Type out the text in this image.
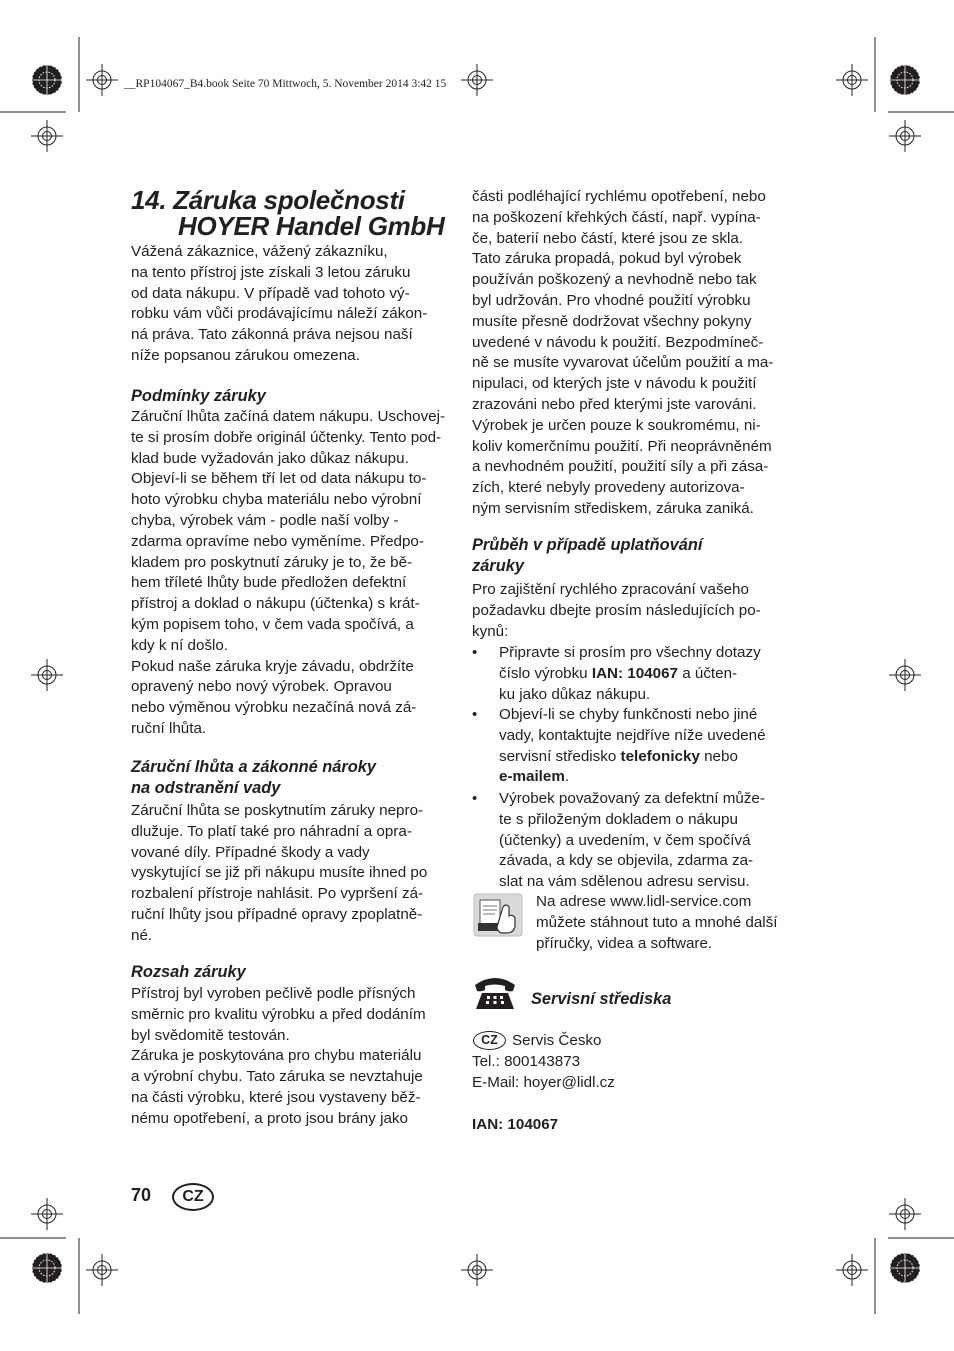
__RP104067_B4.book Seite 70 Mittwoch, 5. November 2014 3:42 15
14. Záruka společnosti
HOYER Handel GmbH
Vážená zákaznice, vážený zákazníku,
na tento přístroj jste získali 3 letou záruku
od data nákupu. V případě vad tohoto vý-
robku vám vůči prodávajícímu náleží zákon-
ná práva. Tato zákonná práva nejsou naší
níže popsanou zárukou omezena.
Podmínky záruky
Záruční lhůta začíná datem nákupu. Uschovej-
te si prosím dobře originál účtenky. Tento pod-
klad bude vyžadován jako důkaz nákupu.
Objeví-li se během tří let od data nákupu to-
hoto výrobku chyba materiálu nebo výrobní
chyba, výrobek vám - podle naší volby -
zdarma opravíme nebo vyměníme. Předpo-
kladem pro poskytnutí záruky je to, že bě-
hem tříleté lhůty bude předložen defektní
přístroj a doklad o nákupu (účtenka) s krát-
kým popisem toho, v čem vada spočívá, a
kdy k ní došlo.
Pokud naše záruka kryje závadu, obdržíte
opravený nebo nový výrobek. Opravou
nebo výměnou výrobku nezačíná nová zá-
ruční lhůta.
Záruční lhůta a zákonné nároky
na odstranění vady
Záruční lhůta se poskytnutím záruky nepro-
dlužuje. To platí také pro náhradní a opra-
vované díly. Případné škody a vady
vyskytující se již při nákupu musíte ihned po
rozbalení přístroje nahlásit. Po vypršení zá-
ruční lhůty jsou případné opravy zpoplatně-
né.
Rozsah záruky
Přístroj byl vyroben pečlivě podle přísných
směrnic pro kvalitu výrobku a před dodáním
byl svědomitě testován.
Záruka je poskytována pro chybu materiálu
a výrobní chybu. Tato záruka se nevztahuje
na části výrobku, které jsou vystaveny běž-
nému opotřebení, a proto jsou brány jako
části podléhající rychlému opotřebení, nebo
na poškození křehkých částí, např. vypína-
če, baterií nebo částí, které jsou ze skla.
Tato záruka propadá, pokud byl výrobek
používán poškozený a nevhodně nebo tak
byl udržován. Pro vhodné použití výrobku
musíte přesně dodržovat všechny pokyny
uvedené v návodu k použití. Bezpodmíneč-
ně se musíte vyvarovat účelům použití a ma-
nipulaci, od kterých jste v návodu k použití
zrazováni nebo před kterými jste varováni.
Výrobek je určen pouze k soukromému, ni-
koliv komerčnímu použití. Při neoprávněném
a nevhodném použití, použití síly a při zása-
zích, které nebyly provedeny autorizova-
ným servisním střediskem, záruka zaniká.
Průběh v případě uplatňování
záruky
Pro zajištění rychlého zpracování vašeho
požadavku dbejte prosím následujících po-
kynů:
• Připravte si prosím pro všechny dotazy
číslo výrobku IAN: 104067 a účten-
ku jako důkaz nákupu.
• Objeví-li se chyby funkčnosti nebo jiné
vady, kontaktujte nejdříve níže uvedené
servisní středisko telefonicky nebo
e-mailem.
• Výrobek považovaný za defektní může-
te s přiloženým dokladem o nákupu
(účtenky) a uvedením, v čem spočívá
závada, a kdy se objevila, zdarma za-
slat na vám sdělenou adresu servisu.
Na adrese www.lidl-service.com
můžete stáhnout tuto a mnohé další
příručky, videa a software.
Servisní střediska
CZ Servis Česko
Tel.: 800143873
E-Mail: hoyer@lidl.cz
IAN: 104067
70	CZ
